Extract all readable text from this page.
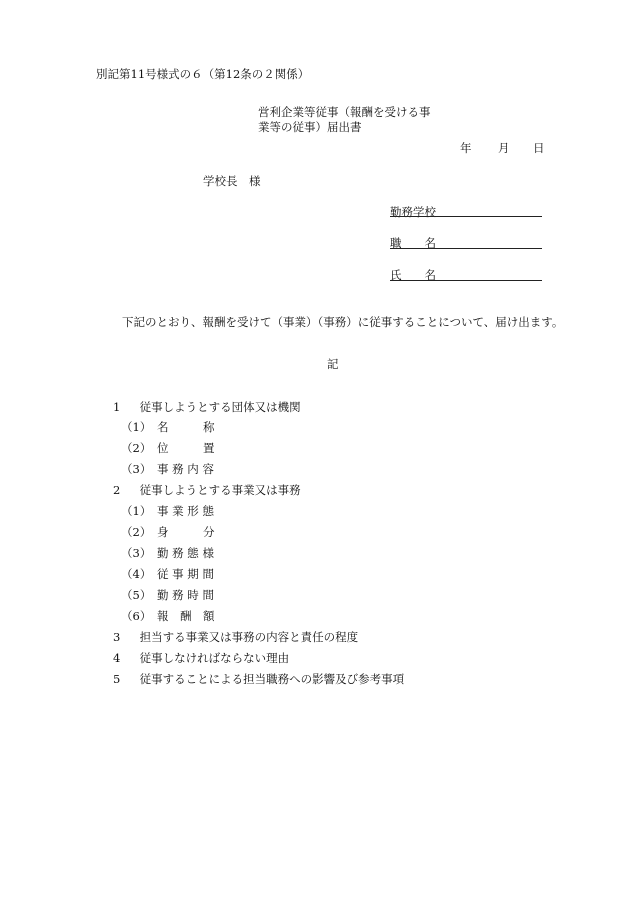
別記第11号様式の６（第12条の２関係）
営利企業等従事（報酬を受ける事
業等の従事）届出書
年 月 日
学校長　様
勤務学校
職　　名
氏　　名
下記のとおり、報酬を受けて（事業）（事務）に従事することについて、届け出ます。
記
1 従事しようとする団体又は機関
（1） 名　　　称
（2） 位　　　置
（3） 事 務 内 容
2 従事しようとする事業又は事務
（1） 事 業 形 態
（2） 身　　　分
（3） 勤 務 態 様
（4） 従 事 期 間
（5） 勤 務 時 間
（6） 報　酬　額
3 担当する事業又は事務の内容と責任の程度
4 従事しなければならない理由
5 従事することによる担当職務への影響及び参考事項
